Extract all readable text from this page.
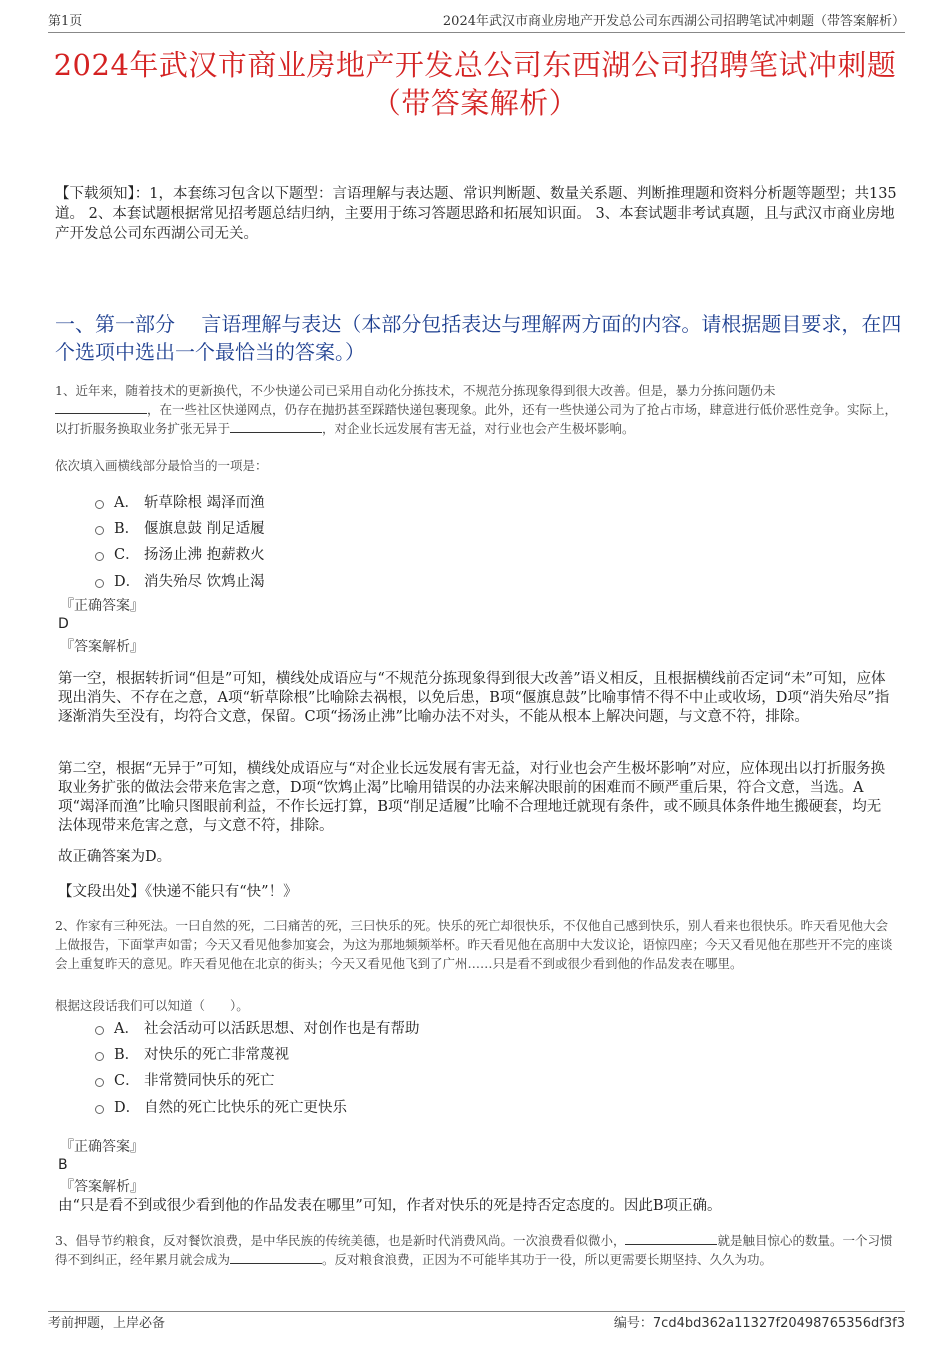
第1页	2024年武汉市商业房地产开发总公司东西湖公司招聘笔试冲刺题（带答案解析）
2024年武汉市商业房地产开发总公司东西湖公司招聘笔试冲刺题（带答案解析）
【下载须知】：1，本套练习包含以下题型：言语理解与表达题、常识判断题、数量关系题、判断推理题和资料分析题等题型；共135道。 2、本套试题根据常见招考题总结归纳，主要用于练习答题思路和拓展知识面。 3、本套试题非考试真题，且与武汉市商业房地产开发总公司东西湖公司无关。
一、第一部分　 言语理解与表达（本部分包括表达与理解两方面的内容。请根据题目要求，在四个选项中选出一个最恰当的答案。）
1、近年来，随着技术的更新换代，不少快递公司已采用自动化分拣技术，不规范分拣现象得到很大改善。但是，暴力分拣问题仍未
，在一些社区快递网点，仍存在抛扔甚至踩踏快递包裹现象。此外，还有一些快递公司为了抢占市场，肆意进行低价恶性竞争。实际上，以打折服务换取业务扩张无异于	，对企业长远发展有害无益，对行业也会产生极坏影响。
依次填入画横线部分最恰当的一项是：
A． 斩草除根 竭泽而渔
B． 偃旗息鼓 削足适履
C． 扬汤止沸 抱薪救火
D． 消失殆尽 饮鸩止渴
『正确答案』
D
『答案解析』
第一空，根据转折词“但是”可知，横线处成语应与“不规范分拣现象得到很大改善”语义相反，且根据横线前否定词“未”可知，应体现出消失、不存在之意，A项“斩草除根”比喻除去祸根，以免后患，B项“偃旗息鼓”比喻事情不得不中止或收场，D项“消失殆尽”指逐渐消失至没有，均符合文意，保留。C项“扬汤止沸”比喻办法不对头，不能从根本上解决问题，与文意不符，排除。
第二空，根据“无异于”可知，横线处成语应与“对企业长远发展有害无益，对行业也会产生极坏影响”对应，应体现出以打折服务换取业务扩张的做法会带来危害之意，D项“饮鸩止渴”比喻用错误的办法来解决眼前的困难而不顾严重后果，符合文意，当选。A项“竭泽而渔”比喻只图眼前利益，不作长远打算，B项“削足适履”比喻不合理地迁就现有条件，或不顾具体条件地生搬硬套，均无法体现带来危害之意，与文意不符，排除。
故正确答案为D。
【文段出处】《快递不能只有“快”！》
2、作家有三种死法。一曰自然的死，二曰痛苦的死，三曰快乐的死。快乐的死亡却很快乐，不仅他自己感到快乐，别人看来也很快乐。昨天看见他大会上做报告，下面掌声如雷；今天又看见他参加宴会，为这为那地频频举杯。昨天看见他在高朋中大发议论，语惊四座；今天又看见他在那些开不完的座谈会上重复昨天的意见。昨天看见他在北京的街头；今天又看见他飞到了广州……只是看不到或很少看到他的作品发表在哪里。
根据这段话我们可以知道（　　）。
A． 社会活动可以活跃思想、对创作也是有帮助
B． 对快乐的死亡非常蔑视
C． 非常赞同快乐的死亡
D． 自然的死亡比快乐的死亡更快乐
『正确答案』
B
『答案解析』
由“只是看不到或很少看到他的作品发表在哪里”可知，作者对快乐的死是持否定态度的。因此B项正确。
3、倡导节约粮食，反对餐饮浪费，是中华民族的传统美德，也是新时代消费风尚。一次浪费看似微小，	就是触目惊心的数量。一个习惯得不到纠正，经年累月就会成为	。反对粮食浪费，正因为不可能毕其功于一役，所以更需要长期坚持、久久为功。
考前押题，上岸必备	编号：7cd4bd362a11327f20498765356df3f3
